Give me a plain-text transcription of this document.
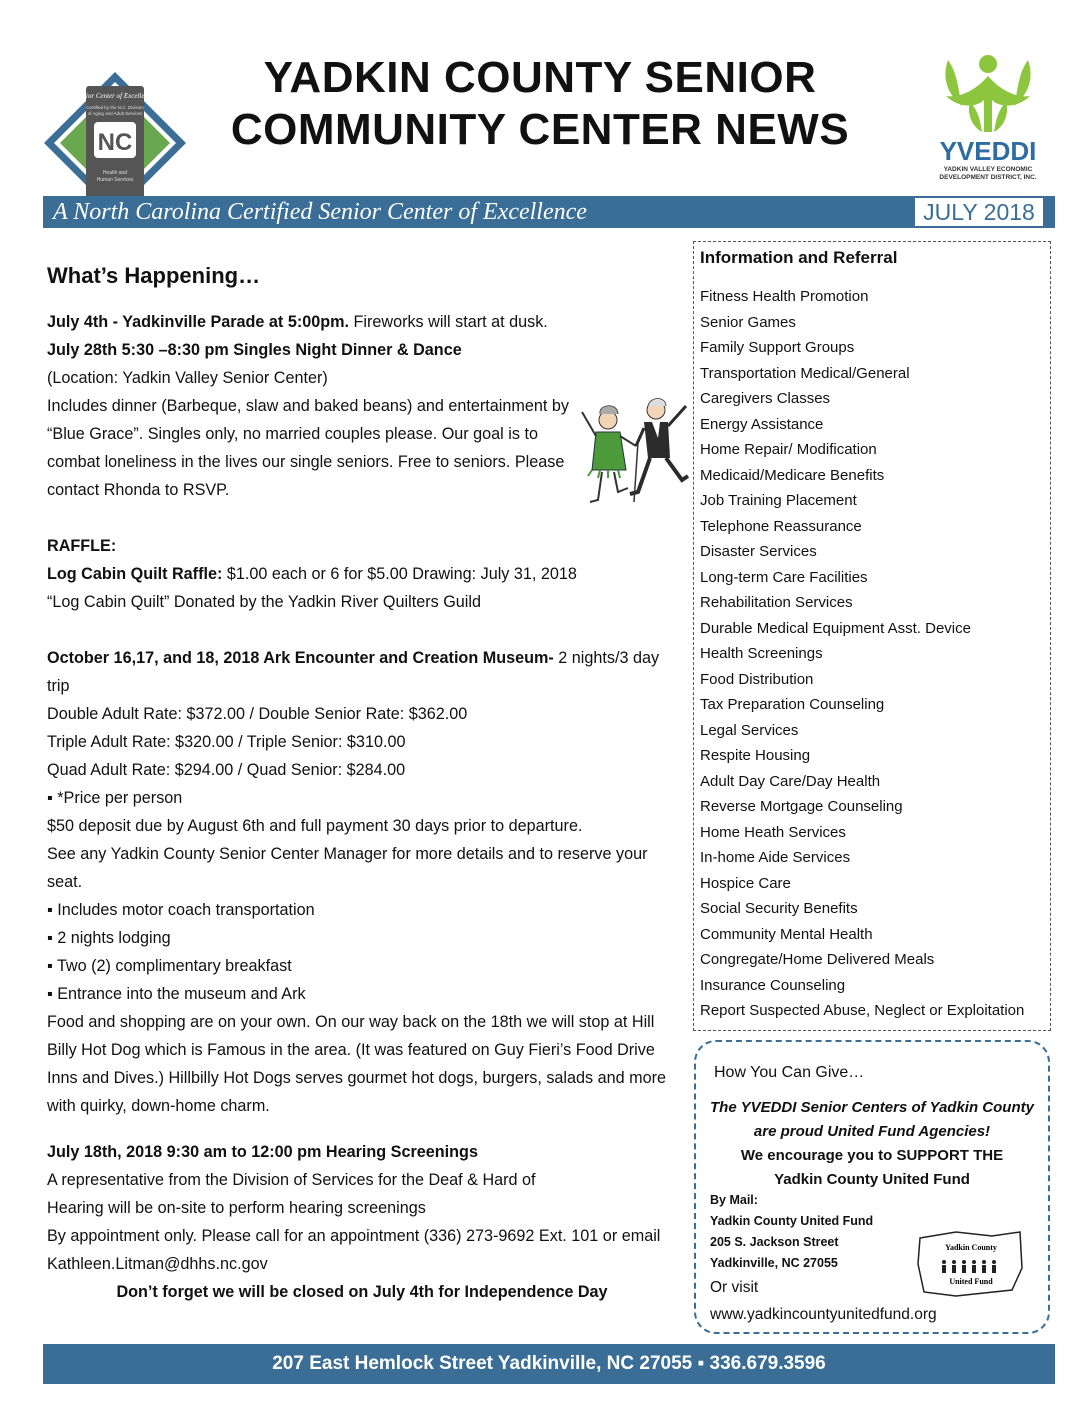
YADKIN COUNTY SENIOR
COMMUNITY CENTER NEWS
Senior Center of Excellence
Certified by the N.C. Division
of Aging and Adult Services
NC
Health and
Human Services
YVEDDI
YADKIN VALLEY ECONOMIC
DEVELOPMENT DISTRICT, INC.
A North Carolina Certified Senior Center of Excellence	JULY 2018
What’s Happening…

July 4th - Yadkinville Parade at 5:00pm. Fireworks will start at dusk.

July 28th 5:30 –8:30 pm Singles Night Dinner & Dance

(Location: Yadkin Valley Senior Center)

Includes dinner (Barbeque, slaw and baked beans) and entertainment by

“Blue Grace”. Singles only, no married couples please. Our goal is to

combat loneliness in the lives our single seniors. Free to seniors. Please

contact Rhonda to RSVP.

RAFFLE:

Log Cabin Quilt Raffle: $1.00 each or 6 for $5.00 Drawing: July 31, 2018

“Log Cabin Quilt” Donated by the Yadkin River Quilters Guild

October 16,17, and 18, 2018 Ark Encounter and Creation Museum- 2 nights/3 day

trip

Double Adult Rate: $372.00 / Double Senior Rate: $362.00

Triple Adult Rate: $320.00 / Triple Senior: $310.00

Quad Adult Rate: $294.00 / Quad Senior: $284.00

▪ *Price per person

$50 deposit due by August 6th and full payment 30 days prior to departure.

See any Yadkin County Senior Center Manager for more details and to reserve your

seat.

▪ Includes motor coach transportation

▪ 2 nights lodging

▪ Two (2) complimentary breakfast

▪ Entrance into the museum and Ark

Food and shopping are on your own. On our way back on the 18th we will stop at Hill

Billy Hot Dog which is Famous in the area. (It was featured on Guy Fieri’s Food Drive

Inns and Dives.) Hillbilly Hot Dogs serves gourmet hot dogs, burgers, salads and more

with quirky, down-home charm.

July 18th, 2018 9:30 am to 12:00 pm Hearing Screenings

A representative from the Division of Services for the Deaf & Hard of

Hearing will be on-site to perform hearing screenings

By appointment only. Please call for an appointment (336) 273-9692 Ext. 101 or email

Kathleen.Litman@dhhs.nc.gov

Don’t forget we will be closed on July 4th for Independence Day

Information and Referral
Fitness Health Promotion
Senior Games
Family Support Groups
Transportation Medical/General
Caregivers Classes
Energy Assistance
Home Repair/ Modification
Medicaid/Medicare Benefits
Job Training Placement
Telephone Reassurance
Disaster Services
Long-term Care Facilities
Rehabilitation Services
Durable Medical Equipment Asst. Device
Health Screenings
Food Distribution
Tax Preparation Counseling
Legal Services
Respite Housing
Adult Day Care/Day Health
Reverse Mortgage Counseling
Home Heath Services
In-home Aide Services
Hospice Care
Social Security Benefits
Community Mental Health
Congregate/Home Delivered Meals
Insurance Counseling
Report Suspected Abuse, Neglect or Exploitation
How You Can Give…
The YVEDDI Senior Centers of Yadkin County
are proud United Fund Agencies!
We encourage you to SUPPORT THE
Yadkin County United Fund
By Mail:
Yadkin County United Fund
205 S. Jackson Street
Yadkinville, NC 27055
Or visit
www.yadkincountyunitedfund.org
Yadkin County
United Fund
207 East Hemlock Street Yadkinville, NC 27055 ▪ 336.679.3596
